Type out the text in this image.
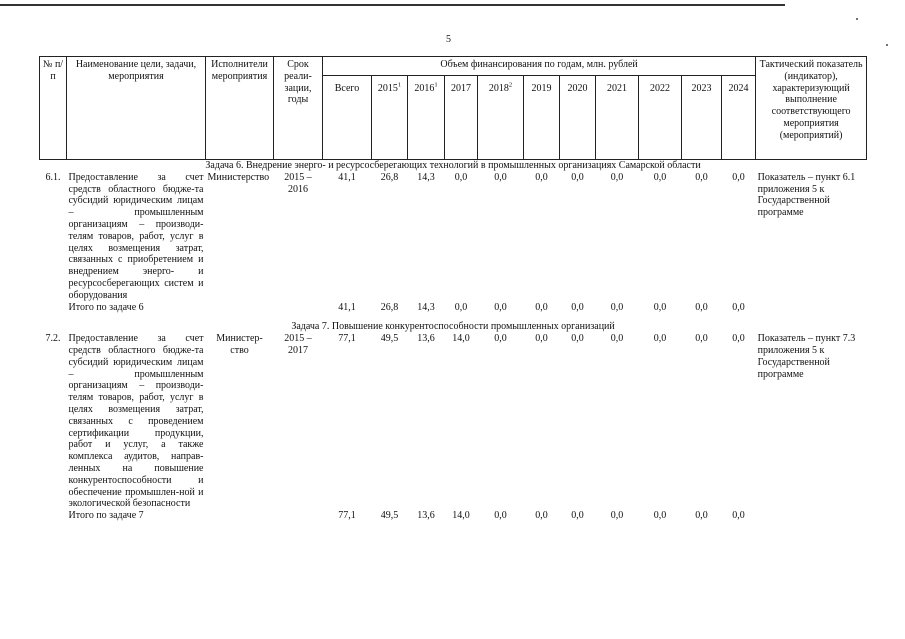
5
№ п/п	Наименование цели, задачи, мероприятия	Исполнители мероприятия	Срок реали-зации, годы	Объем финансирования по годам, млн. рублей											Тактический показатель (индикатор), характеризующий выполнение соответствующего мероприятия (мероприятий)
				Всего	2015$^1$	2016$^1$	2017	2018$^2$	2019	2020	2021	2022	2023	2024	
Задача 6. Внедрение энерго- и ресурсосберегающих технологий в промышленных организациях Самарской области															
6.1.	Предоставление за счет средств областного бюдже-та субсидий юридическим лицам – промышленным организациям – производи-телям товаров, работ, услуг в целях возмещения затрат, связанных с приобретением и внедрением энерго- и ресурсосберегающих систем и оборудования	Министерство	2015 – 2016	41,1	26,8	14,3	0,0	0,0	0,0	0,0	0,0	0,0	0,0	0,0	Показатель – пункт 6.1 приложения 5 к Государственной программе
	Итого по задаче 6			41,1	26,8	14,3	0,0	0,0	0,0	0,0	0,0	0,0	0,0	0,0	
Задача 7. Повышение конкурентоспособности промышленных организаций															
7.2.	Предоставление за счет средств областного бюдже-та субсидий юридическим лицам – промышленным организациям – производи-телям товаров, работ, услуг в целях возмещения затрат, связанных с проведением сертификации продукции, работ и услуг, а также комплекса аудитов, направ-ленных на повышение конкурентоспособности и обеспечение промышлен-ной и экологической безопасности	Министер-ство	2015 – 2017	77,1	49,5	13,6	14,0	0,0	0,0	0,0	0,0	0,0	0,0	0,0	Показатель – пункт 7.3 приложения 5 к Государственной программе
	Итого по задаче 7			77,1	49,5	13,6	14,0	0,0	0,0	0,0	0,0	0,0	0,0	0,0	
